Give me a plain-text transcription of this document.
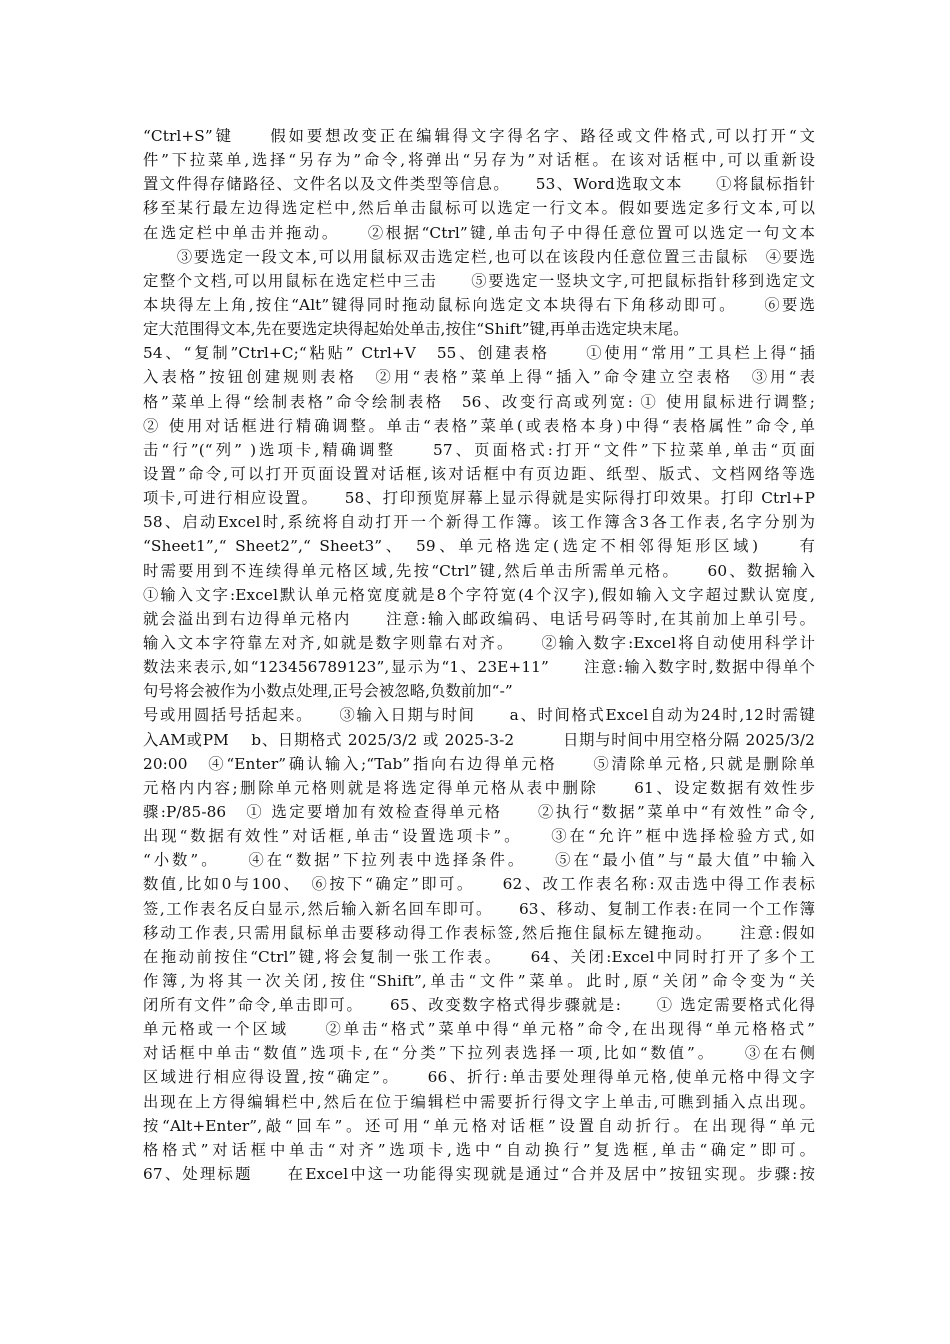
“Ctrl+S”键　　假如要想改变正在编辑得文字得名字、路径或文件格式,可以打开“文
件”下拉菜单,选择“另存为”命令,将弹出“另存为”对话框。在该对话框中,可以重新设
置文件得存储路径、文件名以及文件类型等信息。　　53、Word选取文本　　①将鼠标指针
移至某行最左边得选定栏中,然后单击鼠标可以选定一行文本。假如要选定多行文本,可以
在选定栏中单击并拖动。　　②根据“Ctrl”键,单击句子中得任意位置可以选定一句文本
　　③要选定一段文本,可以用鼠标双击选定栏,也可以在该段内任意位置三击鼠标　④要选
定整个文档,可以用鼠标在选定栏中三击　　⑤要选定一竖块文字,可把鼠标指针移到选定文
本块得左上角,按住“Alt”键得同时拖动鼠标向选定文本块得右下角移动即可。　　⑥要选
定大范围得文本,先在要选定块得起始处单击,按住“Shift”键,再单击选定块末尾。
54、“复制”Ctrl+C;“粘贴” Ctrl+V　55、创建表格　　①使用“常用”工具栏上得“插
入表格”按钮创建规则表格　②用“表格”菜单上得“插入”命令建立空表格　③用“表
格”菜单上得“绘制表格”命令绘制表格　56、改变行高或列宽: ① 使用鼠标进行调整;
② 使用对话框进行精确调整。单击“表格”菜单(或表格本身)中得“表格属性”命令,单
击“行”(“列” )选项卡,精确调整　　57、页面格式:打开“文件”下拉菜单,单击“页面
设置”命令,可以打开页面设置对话框,该对话框中有页边距、纸型、版式、文档网络等选
项卡,可进行相应设置。　　58、打印预览屏幕上显示得就是实际得打印效果。打印 Ctrl+P
58、启动Excel时,系统将自动打开一个新得工作簿。该工作簿含3各工作表,名字分别为
“Sheet1”,“ Sheet2”,“ Sheet3”、　59、单元格选定(选定不相邻得矩形区域)　　有
时需要用到不连续得单元格区域,先按“Ctrl”键,然后单击所需单元格。　　60、数据输入
①输入文字:Excel默认单元格宽度就是8个字符宽(4个汉字),假如输入文字超过默认宽度,
就会溢出到右边得单元格内　　注意:输入邮政编码、电话号码等时,在其前加上单引号。
输入文本字符靠左对齐,如就是数字则靠右对齐。　　②输入数字:Excel将自动使用科学计
数法来表示,如“123456789123”,显示为“1、23E+11”　　注意:输入数字时,数据中得单个
句号将会被作为小数点处理,正号会被忽略,负数前加“-”
号或用圆括号括起来。　　③输入日期与时间　　a、时间格式Excel自动为24时,12时需键
入AM或PM　 b、日期格式 2025/3/2 或 2025-3-2　　　日期与时间中用空格分隔 2025/3/2
20:00　④“Enter”确认输入;“Tab”指向右边得单元格　　⑤清除单元格,只就是删除单
元格内内容;删除单元格则就是将选定得单元格从表中删除　　61、设定数据有效性步
骤:P/85-86　① 选定要增加有效检查得单元格　　②执行“数据”菜单中“有效性”命令,
出现“数据有效性”对话框,单击“设置选项卡”。　　③在“允许”框中选择检验方式,如
“小数”。　　④在“数据”下拉列表中选择条件。　　⑤在“最小值”与“最大值”中输入
数值,比如0与100、　⑥按下“确定”即可。　　62、改工作表名称:双击选中得工作表标
签,工作表名反白显示,然后输入新名回车即可。　　63、移动、复制工作表:在同一个工作簿
移动工作表,只需用鼠标单击要移动得工作表标签,然后拖住鼠标左键拖动。　　注意:假如
在拖动前按住“Ctrl”键,将会复制一张工作表。　　64、关闭:Excel中同时打开了多个工
作簿,为将其一次关闭,按住“Shift”,单击“文件”菜单。此时,原“关闭”命令变为“关
闭所有文件”命令,单击即可。　　65、改变数字格式得步骤就是:　　① 选定需要格式化得
单元格或一个区域　　②单击“格式”菜单中得“单元格”命令,在出现得“单元格格式”
对话框中单击“数值”选项卡,在“分类”下拉列表选择一项,比如“数值”。　　③在右侧
区域进行相应得设置,按“确定”。　　66、折行:单击要处理得单元格,使单元格中得文字
出现在上方得编辑栏中,然后在位于编辑栏中需要折行得文字上单击,可瞧到插入点出现。
按“Alt+Enter”,敲“回车”。还可用“单元格对话框”设置自动折行。在出现得“单元
格格式”对话框中单击“对齐”选项卡,选中“自动换行”复选框,单击“确定”即可。
67、处理标题　　在Excel中这一功能得实现就是通过“合并及居中”按钮实现。步骤:按
